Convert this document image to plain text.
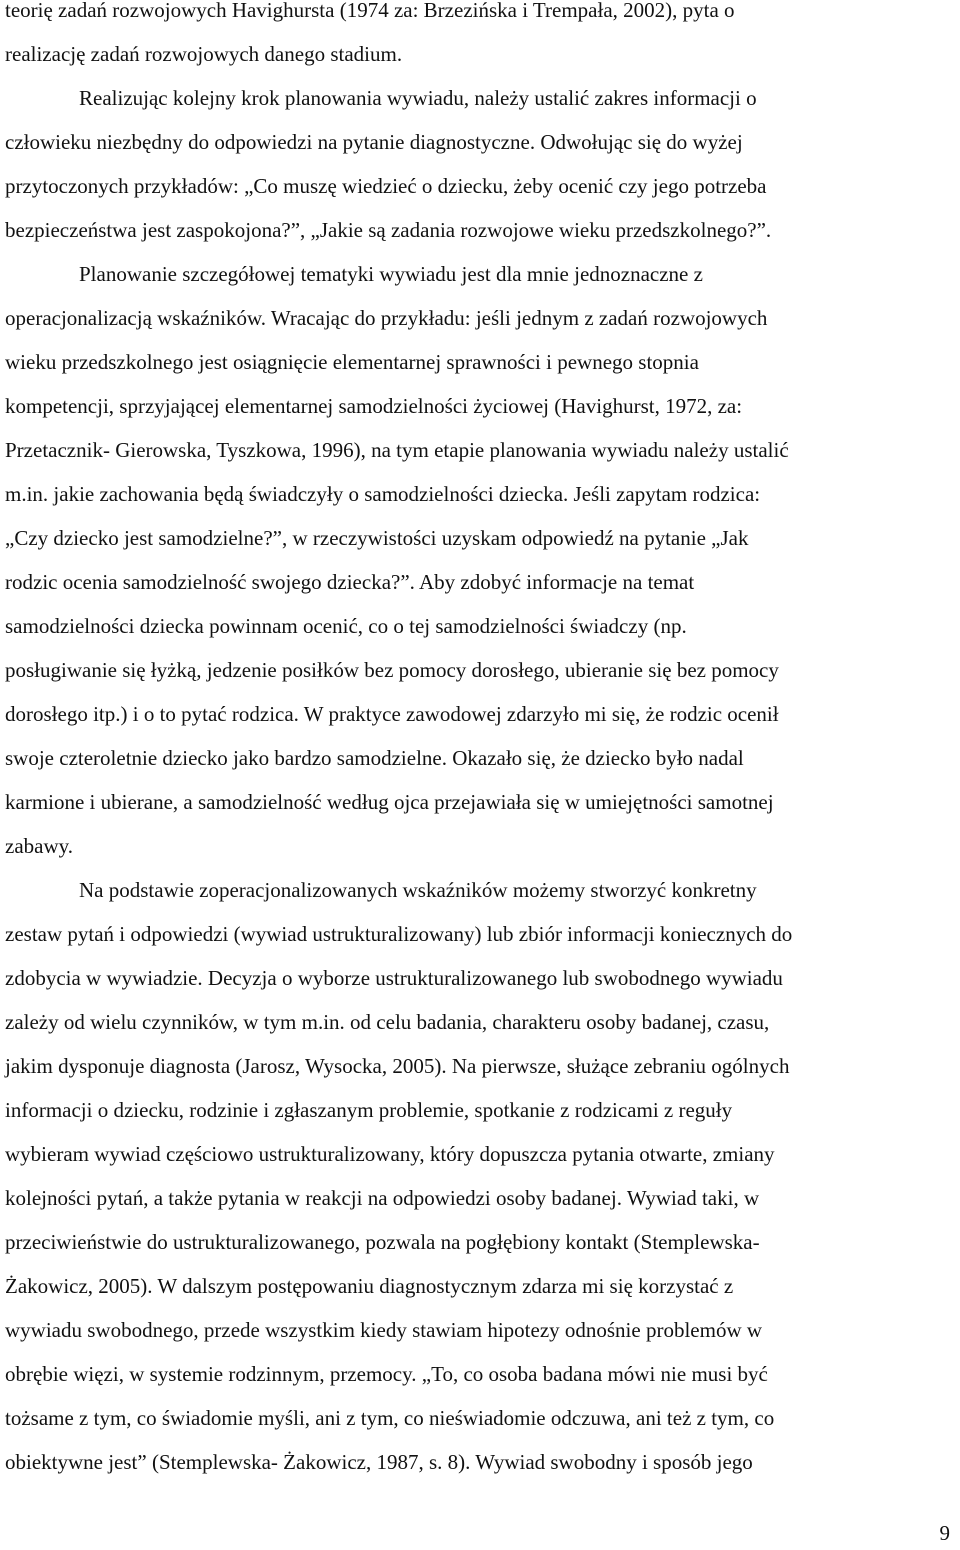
teorię zadań rozwojowych Havighursta (1974 za: Brzezińska i Trempała, 2002), pyta o
realizację zadań rozwojowych danego stadium.
Realizując kolejny krok planowania wywiadu, należy ustalić zakres informacji o
człowieku niezbędny do odpowiedzi na pytanie diagnostyczne. Odwołując się do wyżej
przytoczonych przykładów: „Co muszę wiedzieć o dziecku, żeby ocenić czy jego potrzeba
bezpieczeństwa jest zaspokojona?”, „Jakie są zadania rozwojowe wieku przedszkolnego?”.
Planowanie szczegółowej tematyki wywiadu jest dla mnie jednoznaczne z
operacjonalizacją wskaźników. Wracając do przykładu: jeśli jednym z zadań rozwojowych
wieku przedszkolnego jest osiągnięcie elementarnej sprawności i pewnego stopnia
kompetencji, sprzyjającej elementarnej samodzielności życiowej (Havighurst, 1972, za:
Przetacznik- Gierowska, Tyszkowa, 1996), na tym etapie planowania wywiadu należy ustalić
m.in. jakie zachowania będą świadczyły o samodzielności dziecka. Jeśli zapytam rodzica:
„Czy dziecko jest samodzielne?”, w rzeczywistości uzyskam odpowiedź na pytanie „Jak
rodzic ocenia samodzielność swojego dziecka?”. Aby zdobyć informacje na temat
samodzielności dziecka powinnam ocenić, co o tej samodzielności świadczy (np.
posługiwanie się łyżką, jedzenie posiłków bez pomocy dorosłego, ubieranie się bez pomocy
dorosłego itp.) i o to pytać rodzica. W praktyce zawodowej zdarzyło mi się, że rodzic ocenił
swoje czteroletnie dziecko jako bardzo samodzielne. Okazało się, że dziecko było nadal
karmione i ubierane, a samodzielność według ojca przejawiała się w umiejętności samotnej
zabawy.
Na podstawie zoperacjonalizowanych wskaźników możemy stworzyć konkretny
zestaw pytań i odpowiedzi (wywiad ustrukturalizowany) lub zbiór informacji koniecznych do
zdobycia w wywiadzie. Decyzja o wyborze ustrukturalizowanego lub swobodnego wywiadu
zależy od wielu czynników, w tym m.in. od celu badania, charakteru osoby badanej, czasu,
jakim dysponuje diagnosta (Jarosz, Wysocka, 2005). Na pierwsze, służące zebraniu ogólnych
informacji o dziecku, rodzinie i zgłaszanym problemie, spotkanie z rodzicami z reguły
wybieram wywiad częściowo ustrukturalizowany, który dopuszcza pytania otwarte, zmiany
kolejności pytań, a także pytania w reakcji na odpowiedzi osoby badanej. Wywiad taki, w
przeciwieństwie do ustrukturalizowanego, pozwala na pogłębiony kontakt (Stemplewska-
Żakowicz, 2005). W dalszym postępowaniu diagnostycznym zdarza mi się korzystać z
wywiadu swobodnego, przede wszystkim kiedy stawiam hipotezy odnośnie problemów w
obrębie więzi, w systemie rodzinnym, przemocy. „To, co osoba badana mówi nie musi być
tożsame z tym, co świadomie myśli, ani z tym, co nieświadomie odczuwa, ani też z tym, co
obiektywne jest” (Stemplewska- Żakowicz, 1987, s. 8). Wywiad swobodny i sposób jego
9
